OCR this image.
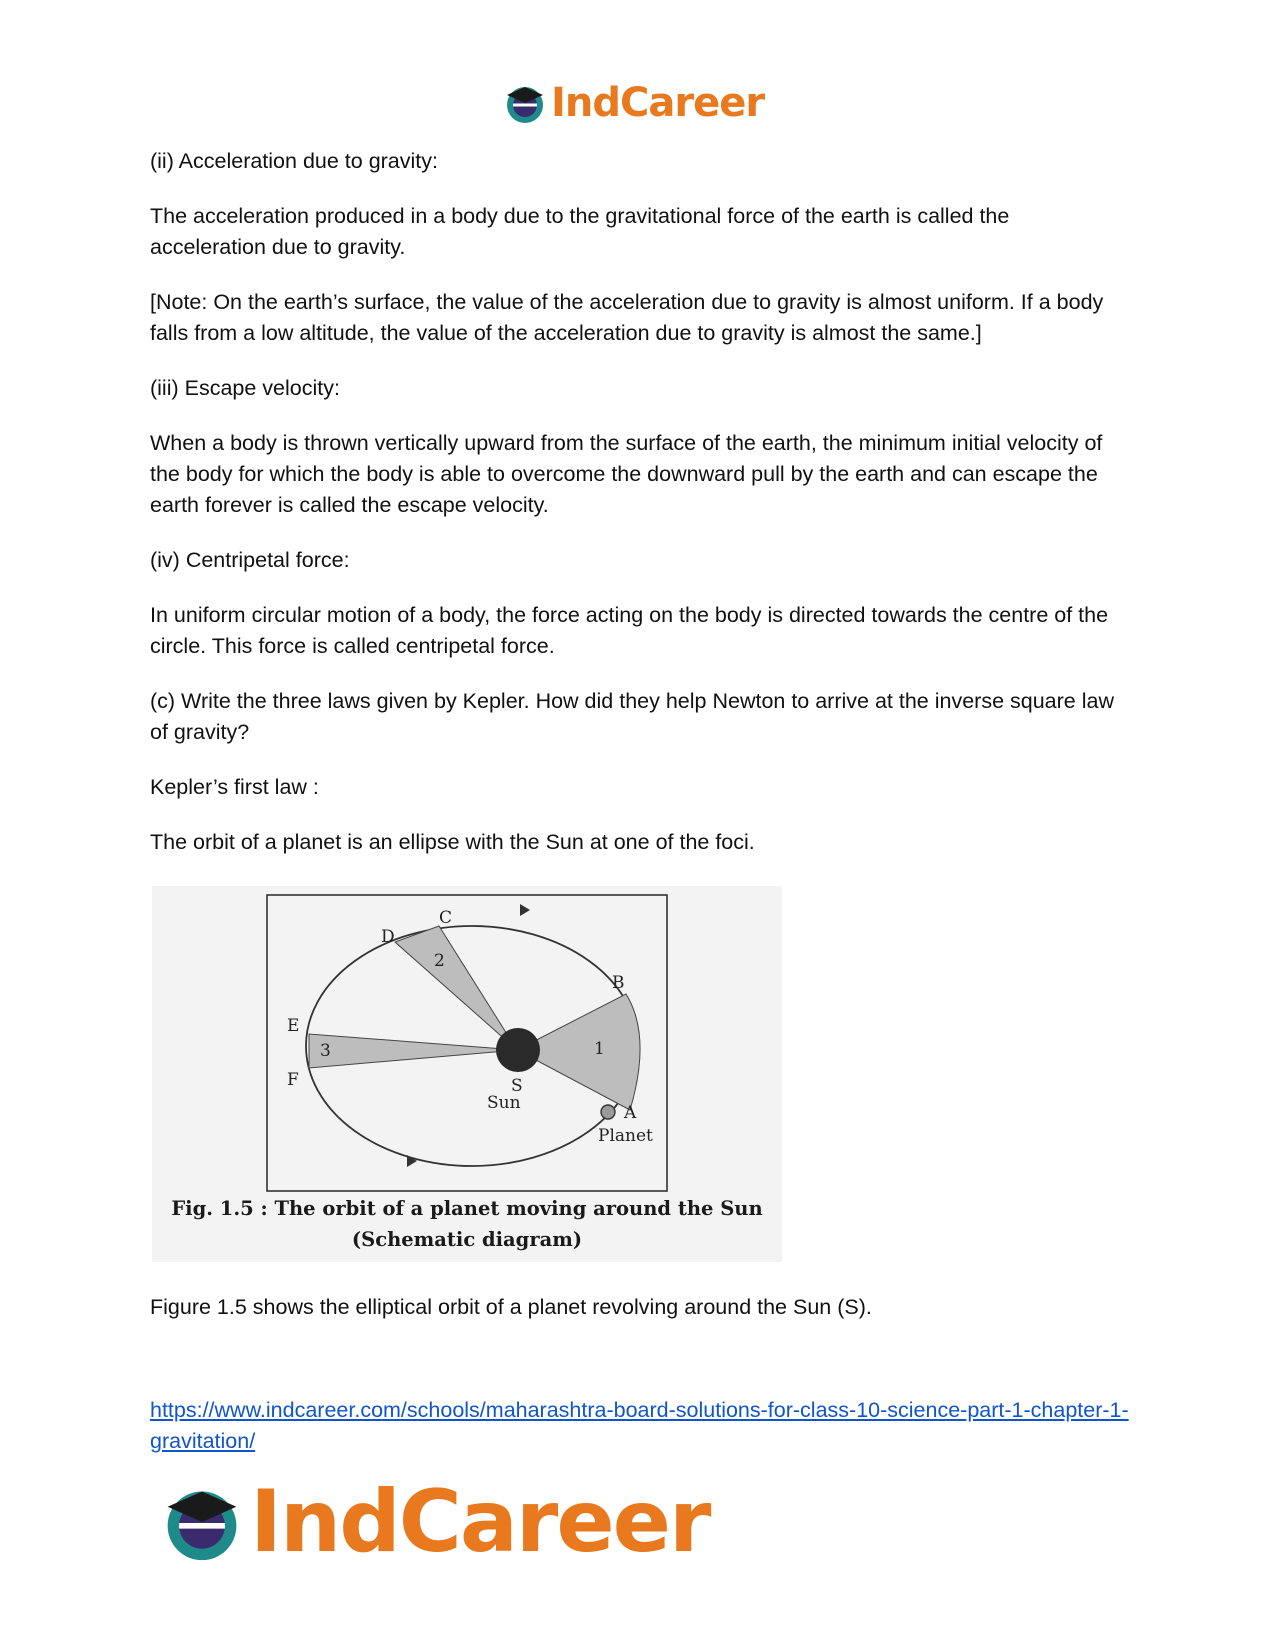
IndCareer

(ii) Acceleration due to gravity:

The acceleration produced in a body due to the gravitational force of the earth is called the acceleration due to gravity.

[Note: On the earth’s surface, the value of the acceleration due to gravity is almost uniform. If a body falls from a low altitude, the value of the acceleration due to gravity is almost the same.]

(iii) Escape velocity:

When a body is thrown vertically upward from the surface of the earth, the minimum initial velocity of the body for which the body is able to overcome the downward pull by the earth and can escape the earth forever is called the escape velocity.

(iv) Centripetal force:

In uniform circular motion of a body, the force acting on the body is directed towards the centre of the circle. This force is called centripetal force.

(c) Write the three laws given by Kepler. How did they help Newton to arrive at the inverse square law of gravity?

Kepler’s first law :

The orbit of a planet is an ellipse with the Sun at one of the foci.

C
D
2
B
E
3	1
F	S
Sun	A
Planet
Fig. 1.5 : The orbit of a planet moving around the Sun
(Schematic diagram)

Figure 1.5 shows the elliptical orbit of a planet revolving around the Sun (S).

https://www.indcareer.com/schools/maharashtra-board-solutions-for-class-10-science-part-1-chapter-1-gravitation/
IndCareer
